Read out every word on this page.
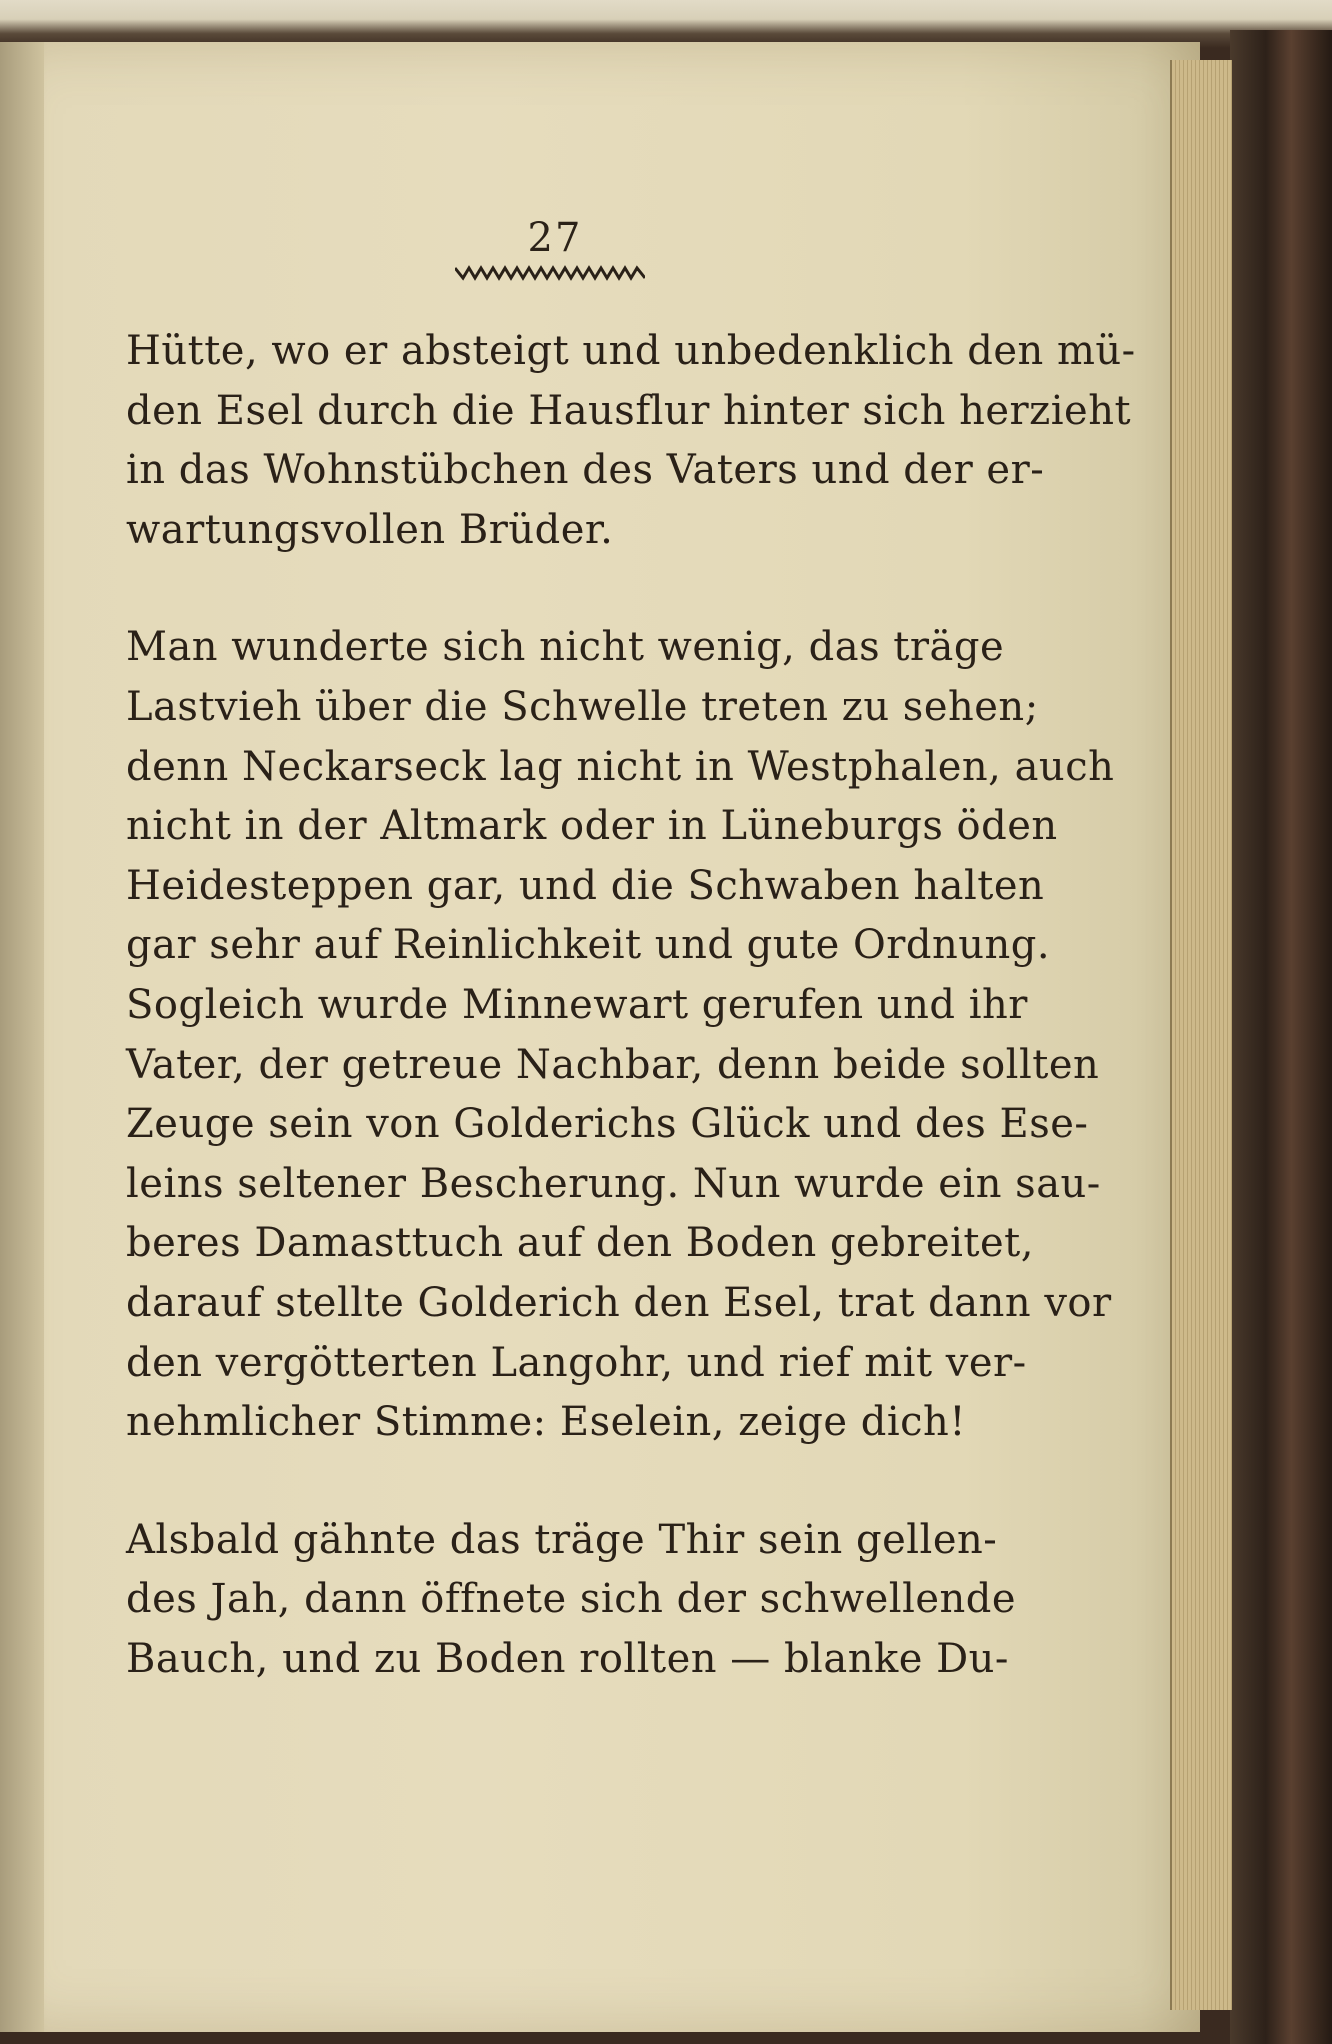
27
Hütte, wo er absteigt und unbedenklich den mü-
den Esel durch die Hausflur hinter sich herzieht
in das Wohnstübchen des Vaters und der er-
wartungsvollen Brüder.
Man wunderte sich nicht wenig, das träge
Lastvieh über die Schwelle treten zu sehen;
denn Neckarseck lag nicht in Westphalen, auch
nicht in der Altmark oder in Lüneburgs öden
Heidesteppen gar, und die Schwaben halten
gar sehr auf Reinlichkeit und gute Ordnung.
Sogleich wurde Minnewart gerufen und ihr
Vater, der getreue Nachbar, denn beide sollten
Zeuge sein von Golderichs Glück und des Ese-
leins seltener Bescherung. Nun wurde ein sau-
beres Damasttuch auf den Boden gebreitet,
darauf stellte Golderich den Esel, trat dann vor
den vergötterten Langohr, und rief mit ver-
nehmlicher Stimme: Eselein, zeige dich!
Alsbald gähnte das träge Thir sein gellen-
des Jah, dann öffnete sich der schwellende
Bauch, und zu Boden rollten — blanke Du-
